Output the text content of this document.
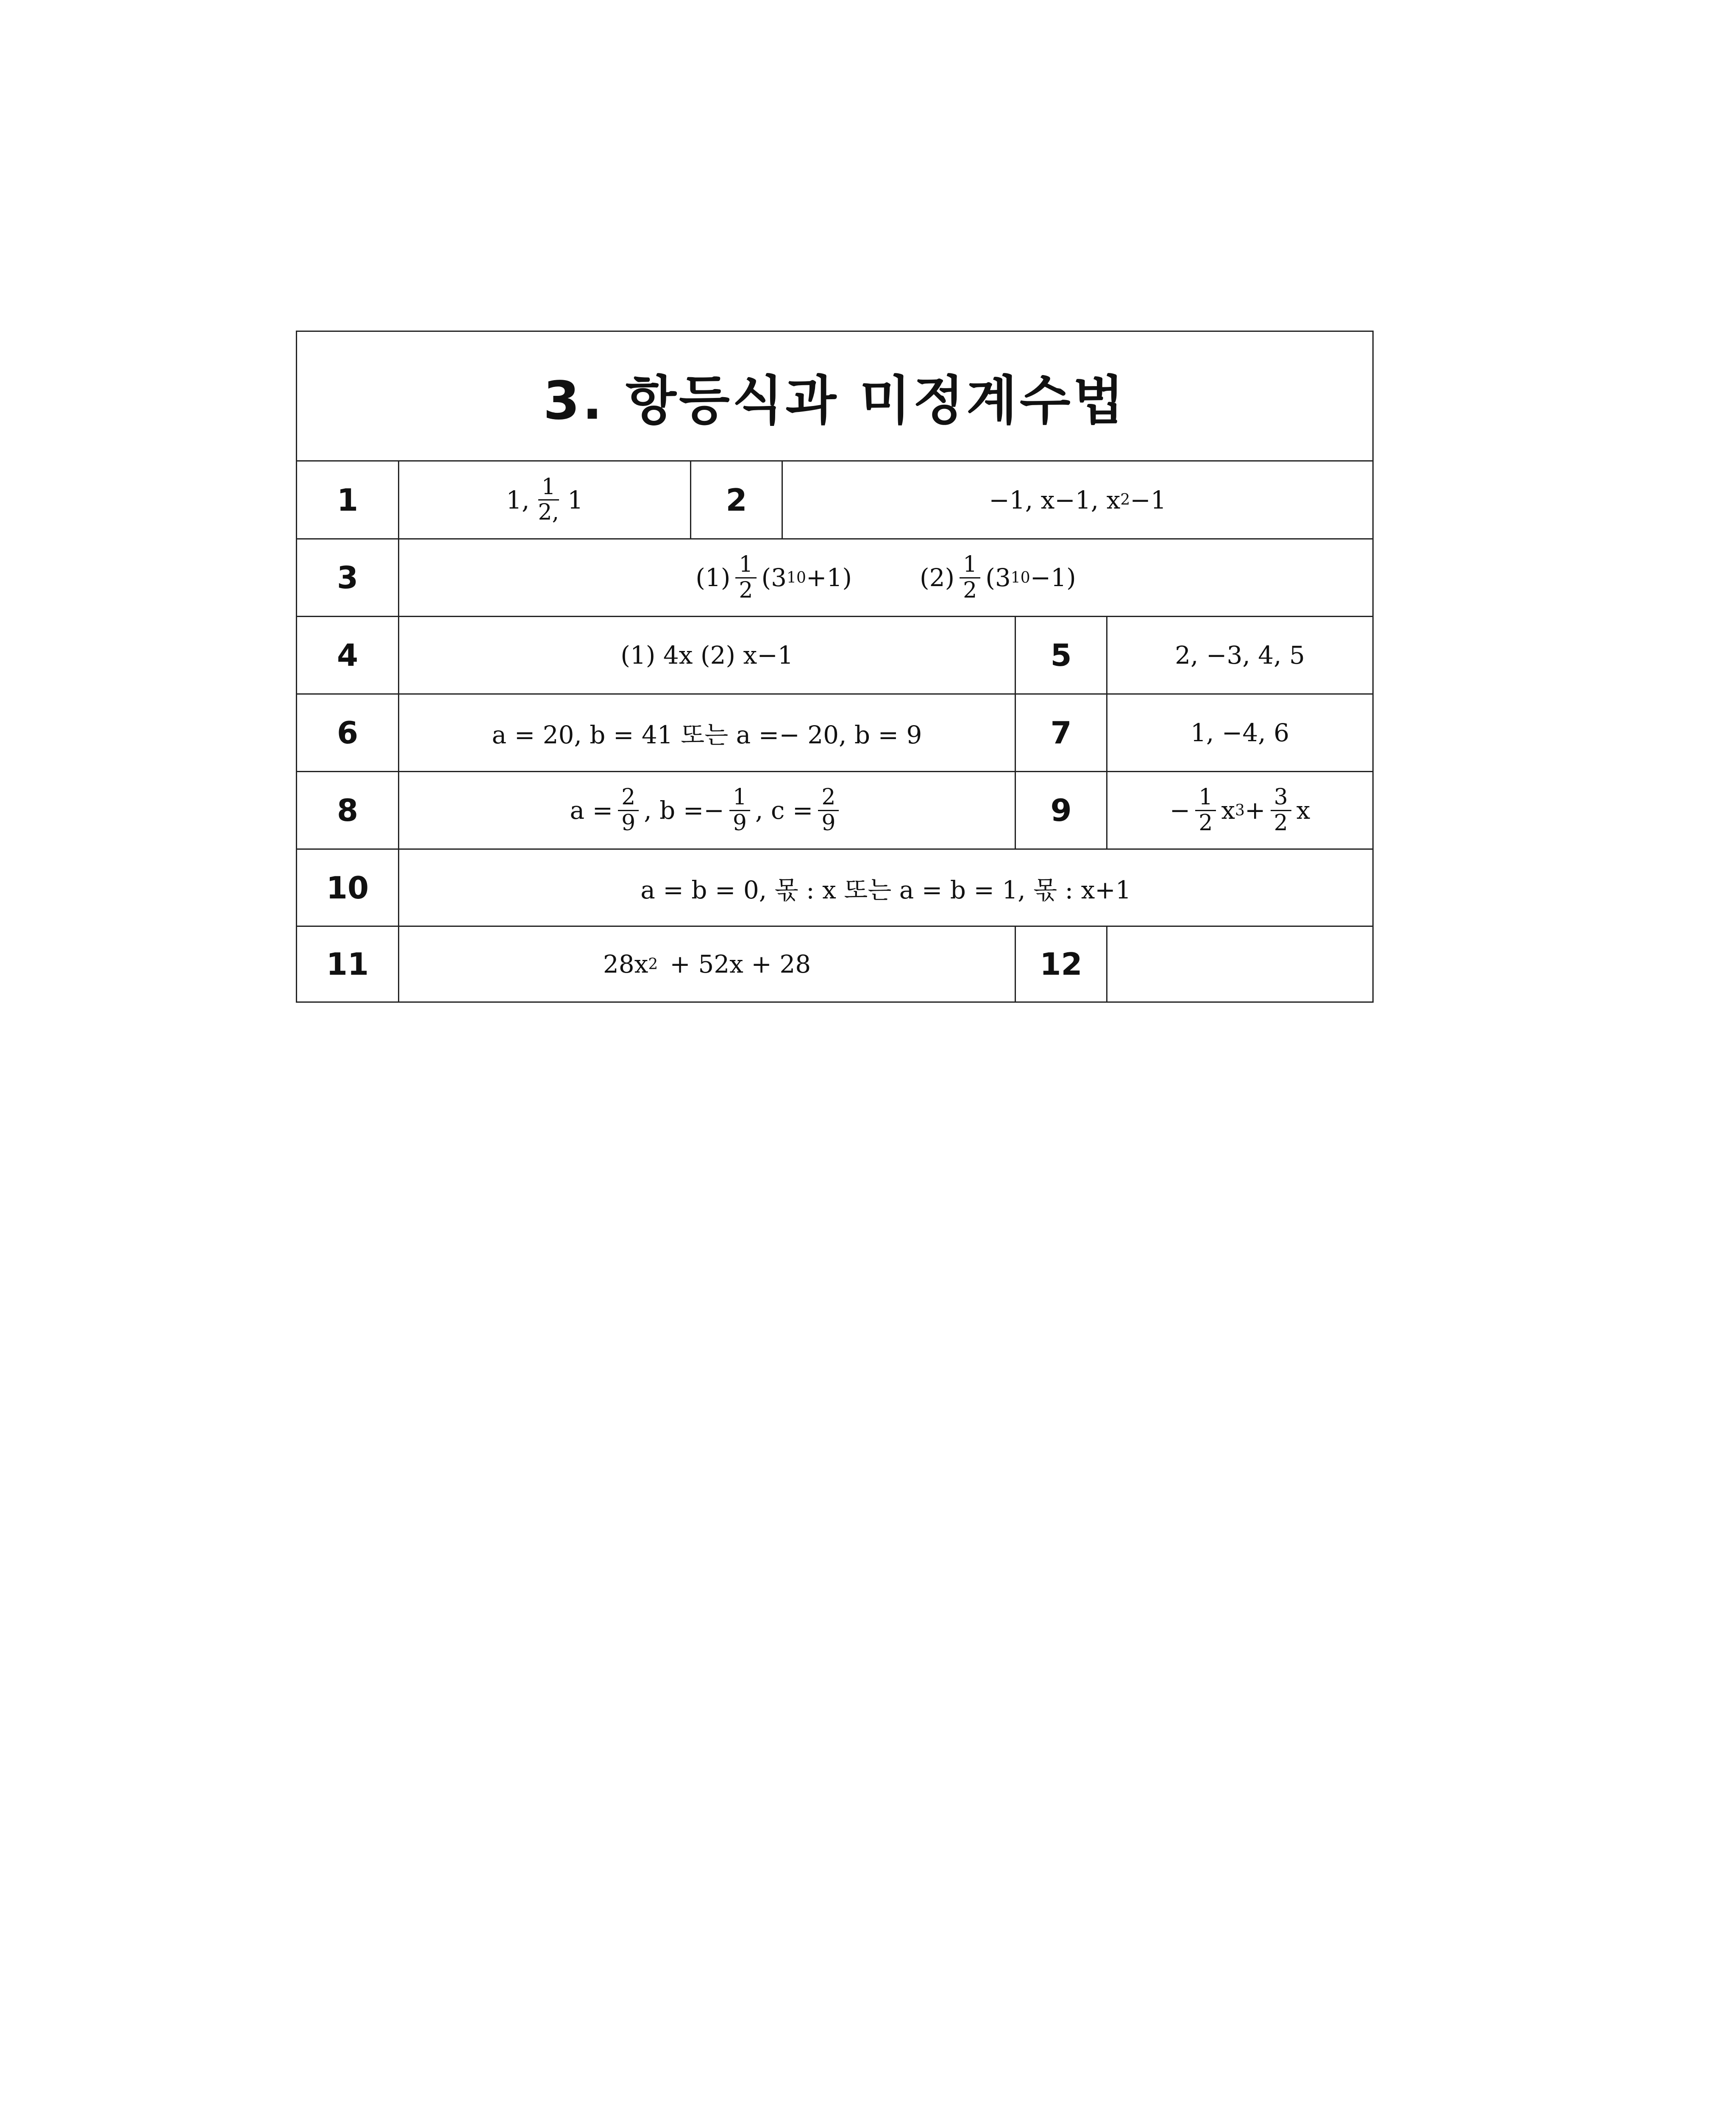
3. 항등식과 미정계수법
1	1, $\frac{1}{2,} 1$	2	−1, x−1, x 2 −1
3	$(1) \frac{1}{2} (3$ 10 +1)	$(2) \frac{1}{2} (3$ 10 −1)
4	(1) 4x (2) x−1	5	2, −3, 4, 5
6	a = 20, b = 41 또는 a =− 20, b = 9	7	1, −4, 6
8	$a = \frac{2}{9}$ , $b =- \frac{1}{9}$ , $c = \frac{2}{9}$	9	− $\frac{1}{2}$ x $3 + \frac{3}{2}$ x
10	a = b = 0, 몫 : x 또는 a = b = 1, 몫 : x+1
11	28x 2 + 52x + 28	12
